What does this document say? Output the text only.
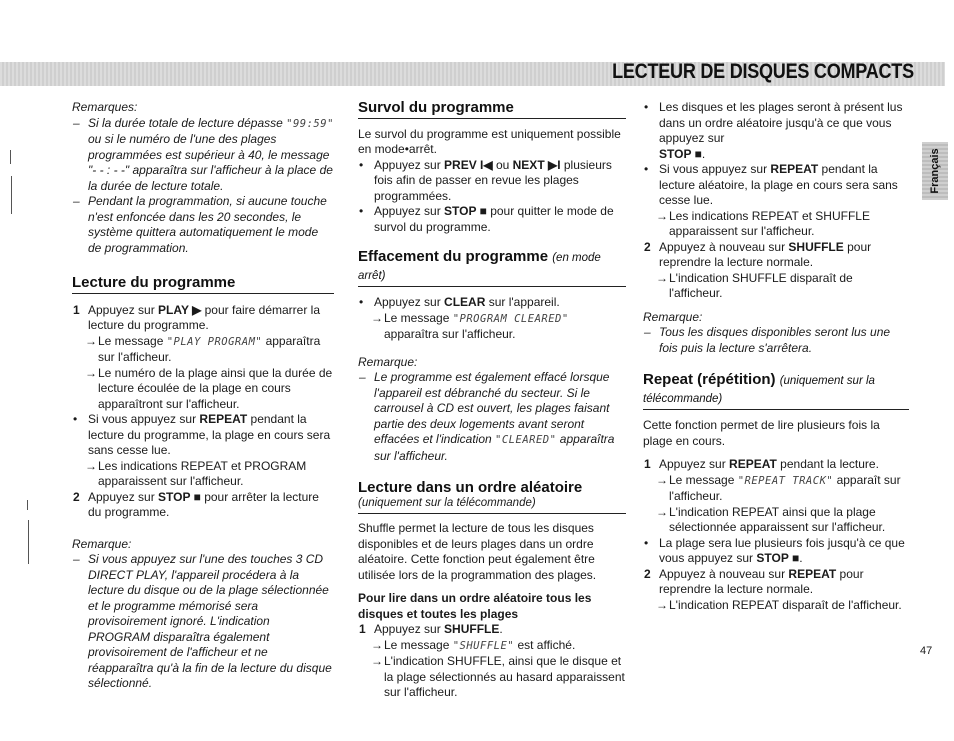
LECTEUR DE DISQUES COMPACTS
Français

Remarques:

– Si la durée totale de lecture dépasse "99:59" ou si le numéro de l'une des plages programmées est supérieur à 40, le message "- - : - -" apparaîtra sur l'afficheur à la place de la durée de lecture totale.
– Pendant la programmation, si aucune touche n'est enfoncée dans les 20 secondes, le système quittera automatiquement le mode de programmation.

Lecture du programme

1 Appuyez sur PLAY ▶ pour faire démarrer la lecture du programme.
→ Le message "PLAY PROGRAM" apparaîtra sur l'afficheur.
→ Le numéro de la plage ainsi que la durée de lecture écoulée de la plage en cours apparaîtront sur l'afficheur.
• Si vous appuyez sur REPEAT pendant la lecture du programme, la plage en cours sera sans cesse lue.
→ Les indications REPEAT et PROGRAM apparaissent sur l'afficheur.
2 Appuyez sur STOP ■ pour arrêter la lecture du programme.

Remarque:

– Si vous appuyez sur l'une des touches 3 CD DIRECT PLAY, l'appareil procédera à la lecture du disque ou de la plage sélectionnée et le programme mémorisé sera provisoirement ignoré. L'indication PROGRAM disparaîtra également provisoirement de l'afficheur et ne réapparaîtra qu'à la fin de la lecture du disque sélectionné.

Survol du programme

Le survol du programme est uniquement possible en mode•arrêt.

• Appuyez sur PREV I◀ ou NEXT ▶I plusieurs fois afin de passer en revue les plages programmées.
• Appuyez sur STOP ■ pour quitter le mode de survol du programme.

Effacement du programme (en mode arrêt)

• Appuyez sur CLEAR sur l'appareil.
→ Le message "PROGRAM CLEARED" apparaîtra sur l'afficheur.

Remarque:

– Le programme est également effacé lorsque l'appareil est débranché du secteur. Si le carrousel à CD est ouvert, les plages faisant partie des deux logements avant seront effacées et l'indication "CLEARED" apparaîtra sur l'afficheur.

Lecture dans un ordre aléatoire

(uniquement sur la télécommande)

Shuffle permet la lecture de tous les disques disponibles et de leurs plages dans un ordre aléatoire. Cette fonction peut également être utilisée lors de la programmation des plages.

Pour lire dans un ordre aléatoire tous les disques et toutes les plages

1 Appuyez sur SHUFFLE.
→ Le message "SHUFFLE" est affiché.
→ L'indication SHUFFLE, ainsi que le disque et la plage sélectionnés au hasard apparaissent sur l'afficheur.
• Les disques et les plages seront à présent lus dans un ordre aléatoire jusqu'à ce que vous appuyez sur
STOP ■.
• Si vous appuyez sur REPEAT pendant la lecture aléatoire, la plage en cours sera sans cesse lue.
→ Les indications REPEAT et SHUFFLE apparaissent sur l'afficheur.
2 Appuyez à nouveau sur SHUFFLE pour reprendre la lecture normale.
→ L'indication SHUFFLE disparaît de l'afficheur.

Remarque:

– Tous les disques disponibles seront lus une fois puis la lecture s'arrêtera.

Repeat (répétition) (uniquement sur la télécommande)

Cette fonction permet de lire plusieurs fois la plage en cours.

1 Appuyez sur REPEAT pendant la lecture.
→ Le message "REPEAT TRACK" apparaît sur l'afficheur.
→ L'indication REPEAT ainsi que la plage sélectionnée apparaissent sur l'afficheur.
• La plage sera lue plusieurs fois jusqu'à ce que vous appuyez sur STOP ■.
2 Appuyez à nouveau sur REPEAT pour reprendre la lecture normale.
→ L'indication REPEAT disparaît de l'afficheur.
47
